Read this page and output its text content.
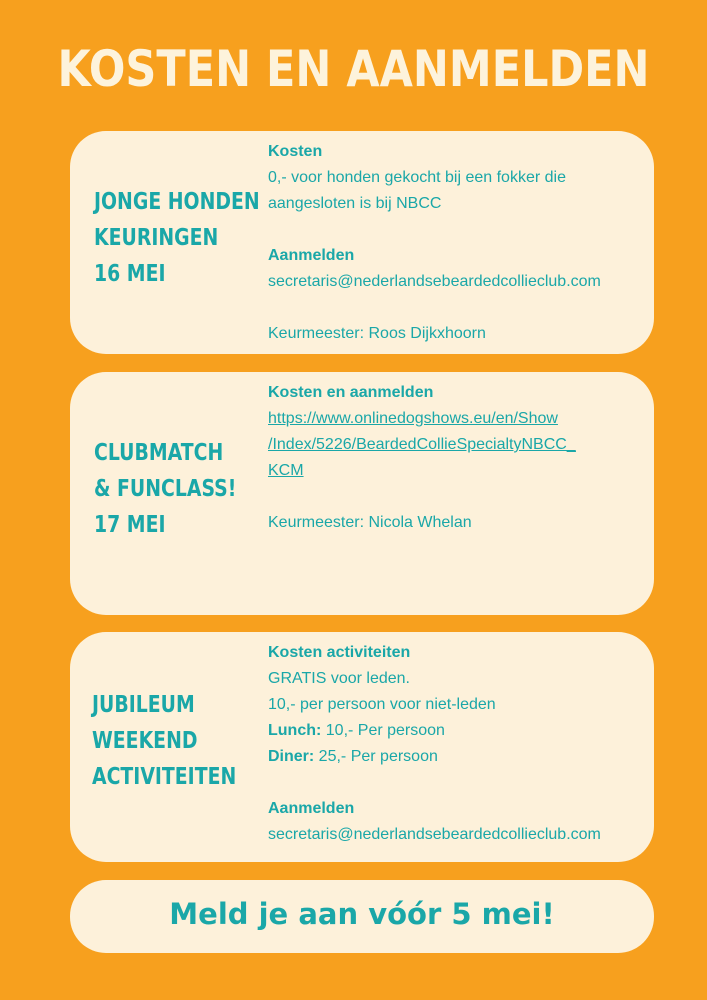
KOSTEN EN AANMELDEN
JONGE HONDEN
KEURINGEN
16 MEI
Kosten
0,- voor honden gekocht bij een fokker die
aangesloten is bij NBCC
Aanmelden
secretaris@nederlandsebeardedcollieclub.com
Keurmeester: Roos Dijkxhoorn
CLUBMATCH
& FUNCLASS!
17 MEI
Kosten en aanmelden
https://www.onlinedogshows.eu/en/Show
/Index/5226/BeardedCollieSpecialtyNBCC_
KCM
Keurmeester: Nicola Whelan
JUBILEUM
WEEKEND
ACTIVITEITEN
Kosten activiteiten
GRATIS voor leden.
10,- per persoon voor niet-leden
Lunch: 10,- Per persoon
Diner: 25,- Per persoon
Aanmelden
secretaris@nederlandsebeardedcollieclub.com
Meld je aan vóór 5 mei!
